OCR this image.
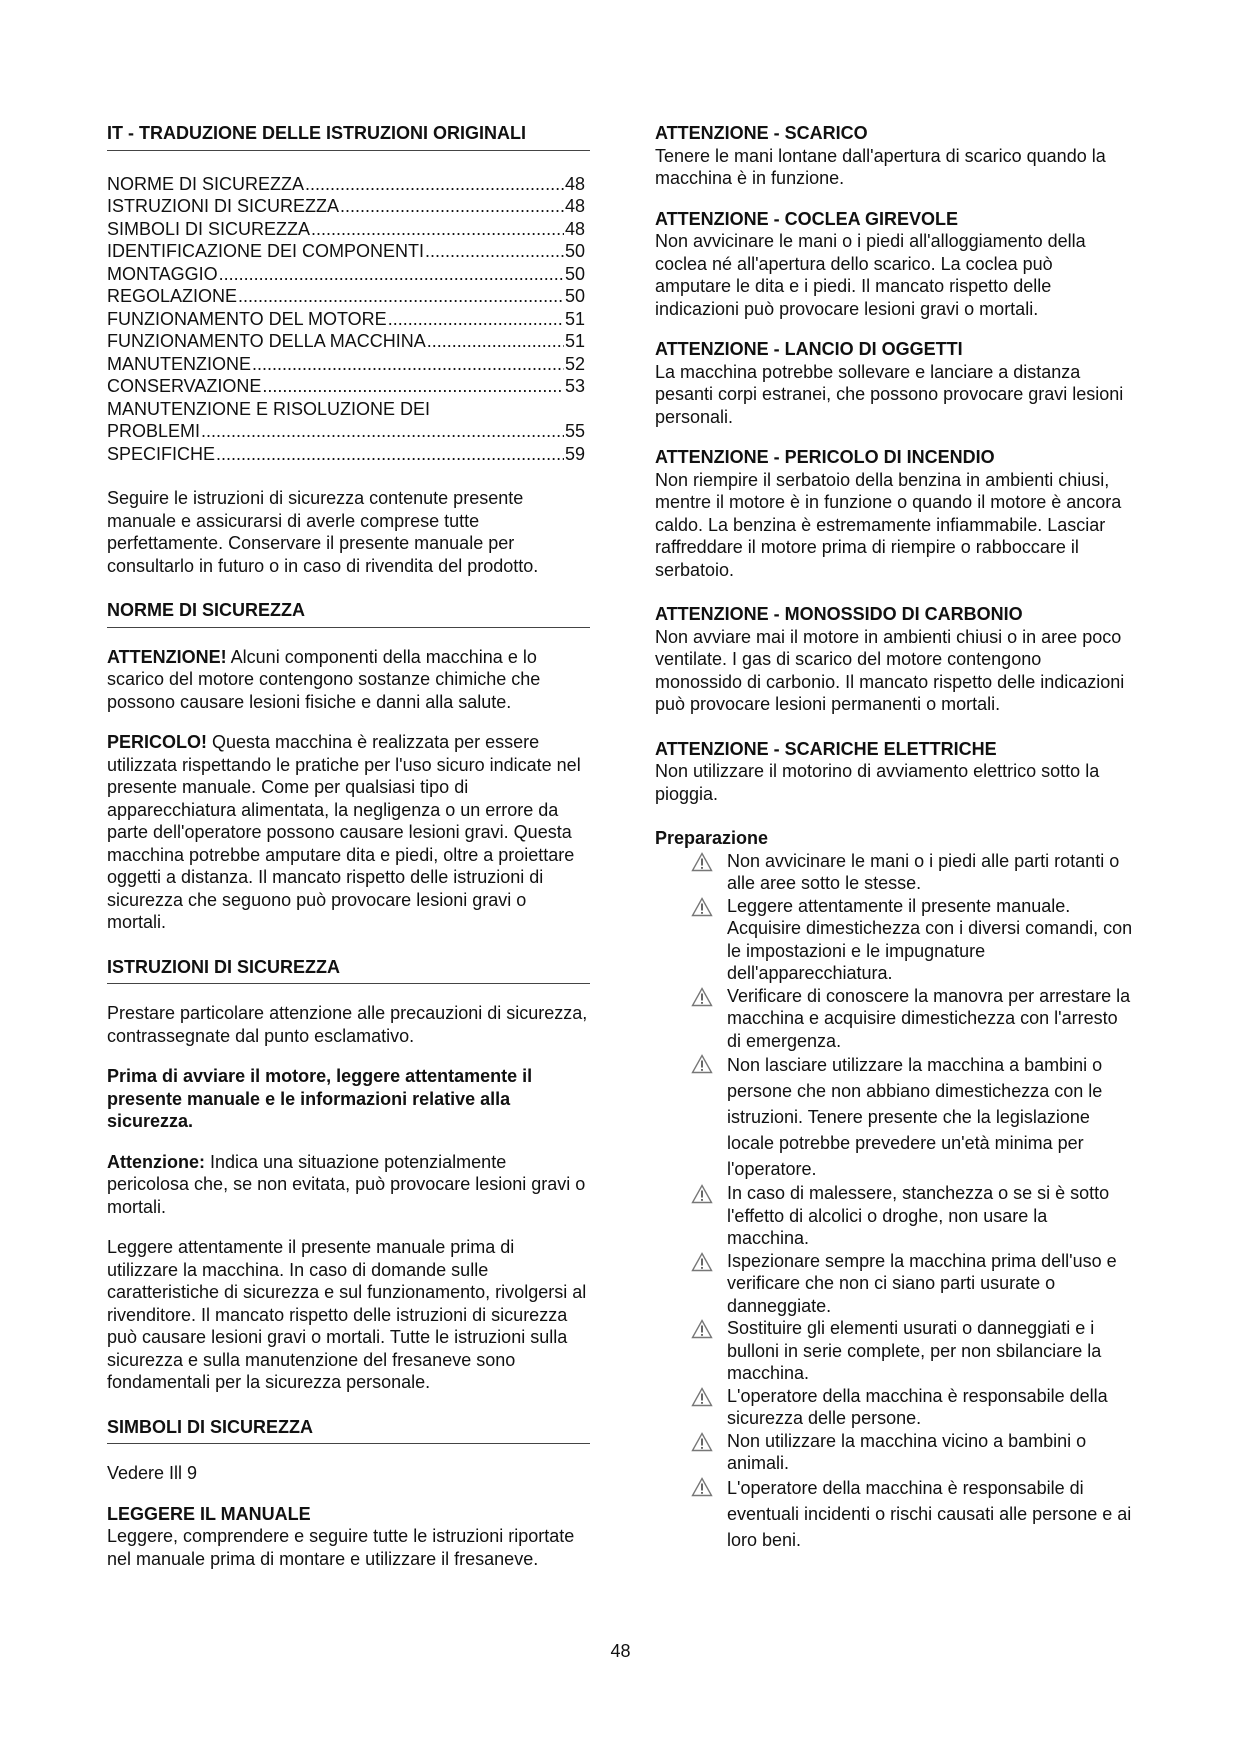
IT - TRADUZIONE DELLE ISTRUZIONI ORIGINALI

NORME DI SICUREZZA .....	48
ISTRUZIONI DI SICUREZZA .....	48
SIMBOLI DI SICUREZZA .....	48
IDENTIFICAZIONE DEI COMPONENTI .....	50
MONTAGGIO .....	50
REGOLAZIONE .....	50
FUNZIONAMENTO DEL MOTORE .....	51
FUNZIONAMENTO DELLA MACCHINA .....	51
MANUTENZIONE .....	52
CONSERVAZIONE .....	53
MANUTENZIONE E RISOLUZIONE DEI
PROBLEMI .....	55
SPECIFICHE .....	59

Seguire le istruzioni di sicurezza contenute presente manuale e assicurarsi di averle comprese tutte perfettamente. Conservare il presente manuale per consultarlo in futuro o in caso di rivendita del prodotto.

NORME DI SICUREZZA

ATTENZIONE! Alcuni componenti della macchina e lo scarico del motore contengono sostanze chimiche che possono causare lesioni fisiche e danni alla salute.

PERICOLO! Questa macchina è realizzata per essere utilizzata rispettando le pratiche per l'uso sicuro indicate nel presente manuale. Come per qualsiasi tipo di apparecchiatura alimentata, la negligenza o un errore da parte dell'operatore possono causare lesioni gravi. Questa macchina potrebbe amputare dita e piedi, oltre a proiettare oggetti a distanza. Il mancato rispetto delle istruzioni di sicurezza che seguono può provocare lesioni gravi o mortali.

ISTRUZIONI DI SICUREZZA

Prestare particolare attenzione alle precauzioni di sicurezza, contrassegnate dal punto esclamativo.

Prima di avviare il motore, leggere attentamente il presente manuale e le informazioni relative alla sicurezza.

Attenzione: Indica una situazione potenzialmente pericolosa che, se non evitata, può provocare lesioni gravi o mortali.

Leggere attentamente il presente manuale prima di utilizzare la macchina. In caso di domande sulle caratteristiche di sicurezza e sul funzionamento, rivolgersi al rivenditore. Il mancato rispetto delle istruzioni di sicurezza può causare lesioni gravi o mortali. Tutte le istruzioni sulla sicurezza e sulla manutenzione del fresaneve sono fondamentali per la sicurezza personale.

SIMBOLI DI SICUREZZA

Vedere Ill 9

LEGGERE IL MANUALE

Leggere, comprendere e seguire tutte le istruzioni riportate nel manuale prima di montare e utilizzare il fresaneve.

ATTENZIONE - SCARICO

Tenere le mani lontane dall'apertura di scarico quando la macchina è in funzione.

ATTENZIONE - COCLEA GIREVOLE

Non avvicinare le mani o i piedi all'alloggiamento della coclea né all'apertura dello scarico. La coclea può amputare le dita e i piedi. Il mancato rispetto delle indicazioni può provocare lesioni gravi o mortali.

ATTENZIONE - LANCIO DI OGGETTI

La macchina potrebbe sollevare e lanciare a distanza pesanti corpi estranei, che possono provocare gravi lesioni personali.

ATTENZIONE - PERICOLO DI INCENDIO

Non riempire il serbatoio della benzina in ambienti chiusi, mentre il motore è in funzione o quando il motore è ancora caldo. La benzina è estremamente infiammabile. Lasciar raffreddare il motore prima di riempire o rabboccare il serbatoio.

ATTENZIONE - MONOSSIDO DI CARBONIO

Non avviare mai il motore in ambienti chiusi o in aree poco ventilate. I gas di scarico del motore contengono monossido di carbonio. Il mancato rispetto delle indicazioni può provocare lesioni permanenti o mortali.

ATTENZIONE - SCARICHE ELETTRICHE

Non utilizzare il motorino di avviamento elettrico sotto la pioggia.

Preparazione

Non avvicinare le mani o i piedi alle parti rotanti o alle aree sotto le stesse.
Leggere attentamente il presente manuale. Acquisire dimestichezza con i diversi comandi, con le impostazioni e le impugnature dell'apparecchiatura.
Verificare di conoscere la manovra per arrestare la macchina e acquisire dimestichezza con l'arresto di emergenza.
Non lasciare utilizzare la macchina a bambini o persone che non abbiano dimestichezza con le istruzioni. Tenere presente che la legislazione locale potrebbe prevedere un'età minima per l'operatore.
In caso di malessere, stanchezza o se si è sotto l'effetto di alcolici o droghe, non usare la macchina.
Ispezionare sempre la macchina prima dell'uso e verificare che non ci siano parti usurate o danneggiate.
Sostituire gli elementi usurati o danneggiati e i bulloni in serie complete, per non sbilanciare la macchina.
L'operatore della macchina è responsabile della sicurezza delle persone.
Non utilizzare la macchina vicino a bambini o animali.
L'operatore della macchina è responsabile di eventuali incidenti o rischi causati alle persone e ai loro beni.
48
